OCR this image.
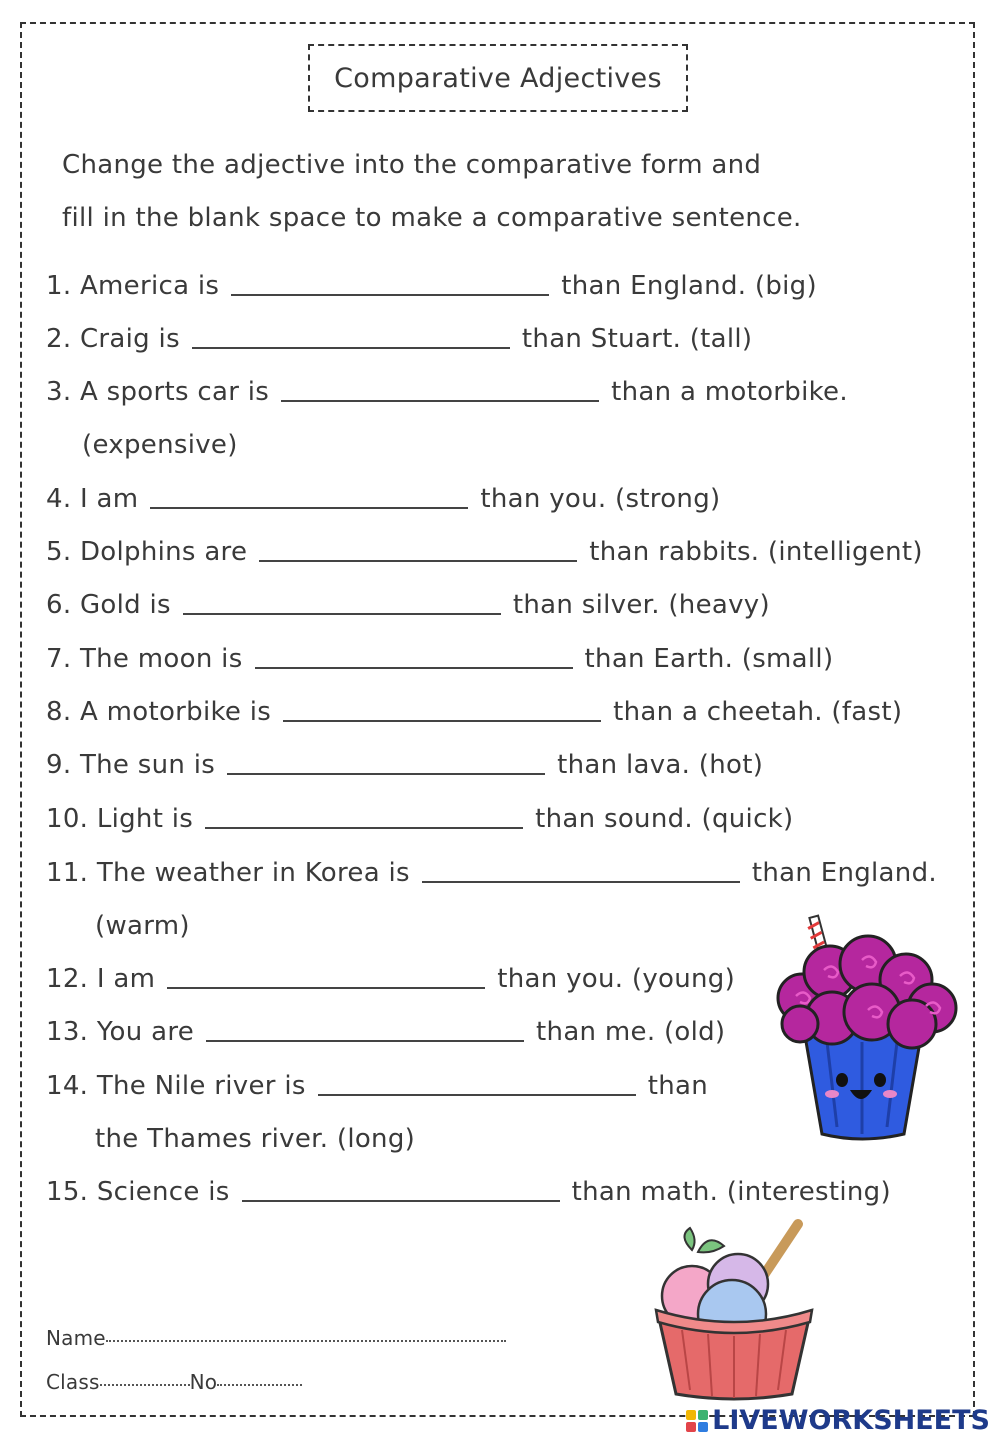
Comparative Adjectives
Change the adjective into the comparative form and
fill in the blank space to make a comparative sentence.
1. America is	than England. (big)
2. Craig is	than Stuart. (tall)
3. A sports car is	than a motorbike.
(expensive)
4. I am	than you. (strong)
5. Dolphins are	than rabbits. (intelligent)
6. Gold is	than silver. (heavy)
7. The moon is	than Earth. (small)
8. A motorbike is	than a cheetah. (fast)
9. The sun is	than lava. (hot)
10. Light is	than sound. (quick)
11. The weather in Korea is	than England.
(warm)
12. I am	than you. (young)
13. You are	than me. (old)
14. The Nile river is	than
the Thames river. (long)
15. Science is	than math. (interesting)
Name
Class	No
LIVEWORKSHEETS
